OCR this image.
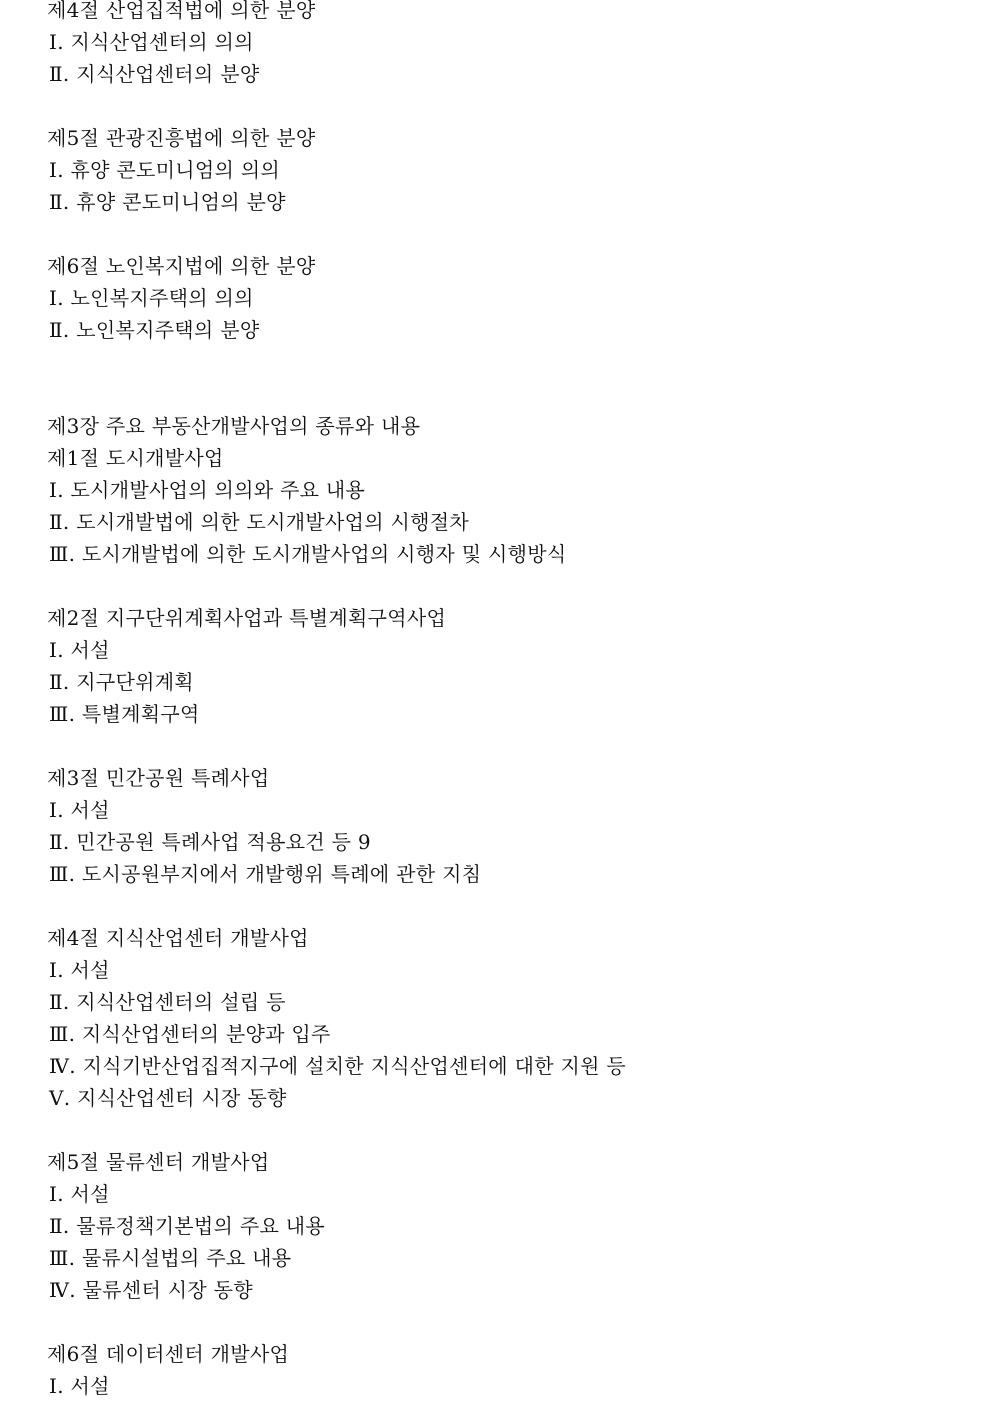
제4절 산업집적법에 의한 분양
Ⅰ. 지식산업센터의 의의
Ⅱ. 지식산업센터의 분양
제5절 관광진흥법에 의한 분양
Ⅰ. 휴양 콘도미니엄의 의의
Ⅱ. 휴양 콘도미니엄의 분양
제6절 노인복지법에 의한 분양
Ⅰ. 노인복지주택의 의의
Ⅱ. 노인복지주택의 분양
제3장 주요 부동산개발사업의 종류와 내용
제1절 도시개발사업
Ⅰ. 도시개발사업의 의의와 주요 내용
Ⅱ. 도시개발법에 의한 도시개발사업의 시행절차
Ⅲ. 도시개발법에 의한 도시개발사업의 시행자 및 시행방식
제2절 지구단위계획사업과 특별계획구역사업
Ⅰ. 서설
Ⅱ. 지구단위계획
Ⅲ. 특별계획구역
제3절 민간공원 특례사업
Ⅰ. 서설
Ⅱ. 민간공원 특례사업 적용요건 등 9
Ⅲ. 도시공원부지에서 개발행위 특례에 관한 지침
제4절 지식산업센터 개발사업
Ⅰ. 서설
Ⅱ. 지식산업센터의 설립 등
Ⅲ. 지식산업센터의 분양과 입주
Ⅳ. 지식기반산업집적지구에 설치한 지식산업센터에 대한 지원 등
Ⅴ. 지식산업센터 시장 동향
제5절 물류센터 개발사업
Ⅰ. 서설
Ⅱ. 물류정책기본법의 주요 내용
Ⅲ. 물류시설법의 주요 내용
Ⅳ. 물류센터 시장 동향
제6절 데이터센터 개발사업
Ⅰ. 서설
